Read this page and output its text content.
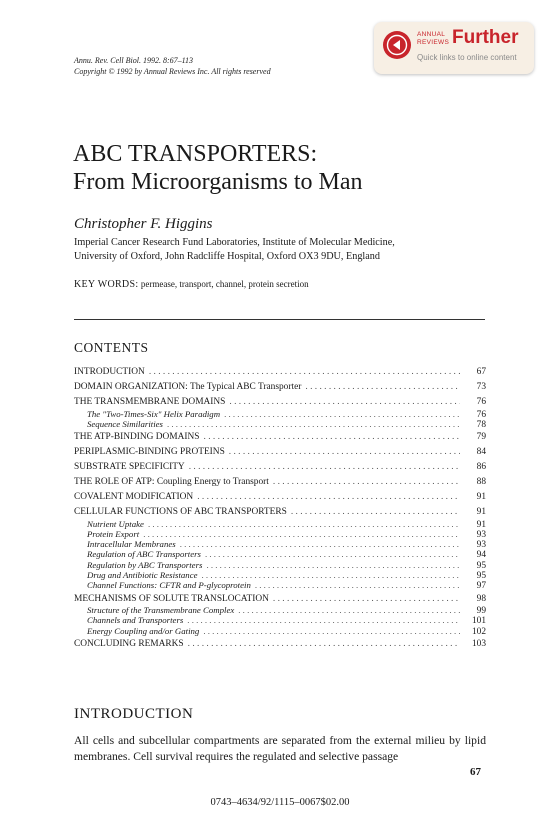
ANNUAL
REVIEWS Further
Quick links to online content
Annu. Rev. Cell Biol. 1992. 8:67–113
Copyright © 1992 by Annual Reviews Inc. All rights reserved
ABC TRANSPORTERS:
From Microorganisms to Man
Christopher F. Higgins
Imperial Cancer Research Fund Laboratories, Institute of Molecular Medicine,
University of Oxford, John Radcliffe Hospital, Oxford OX3 9DU, England
KEY WORDS: permease, transport, channel, protein secretion
CONTENTS
INTRODUCTION . . .	67
DOMAIN ORGANIZATION: The Typical ABC Transporter . . .	73
THE TRANSMEMBRANE DOMAINS . . .	76
The "Two-Times-Six" Helix Paradigm . . .	76
Sequence Similarities . . .	78
THE ATP-BINDING DOMAINS . . .	79
PERIPLASMIC-BINDING PROTEINS . . .	84
SUBSTRATE SPECIFICITY . . .	86
THE ROLE OF ATP: Coupling Energy to Transport . . .	88
COVALENT MODIFICATION . . .	91
CELLULAR FUNCTIONS OF ABC TRANSPORTERS . . .	91
Nutrient Uptake . . .	91
Protein Export . . .	93
Intracellular Membranes . . .	93
Regulation of ABC Transporters . . .	94
Regulation by ABC Transporters . . .	95
Drug and Antibiotic Resistance . . .	95
Channel Functions: CFTR and P-glycoprotein . . .	97
MECHANISMS OF SOLUTE TRANSLOCATION . . .	98
Structure of the Transmembrane Complex . . .	99
Channels and Transporters . . .	101
Energy Coupling and/or Gating . . .	102
CONCLUDING REMARKS . . .	103
INTRODUCTION
All cells and subcellular compartments are separated from the external milieu by lipid membranes. Cell survival requires the regulated and selective passage
67
0743–4634/92/1115–0067$02.00
